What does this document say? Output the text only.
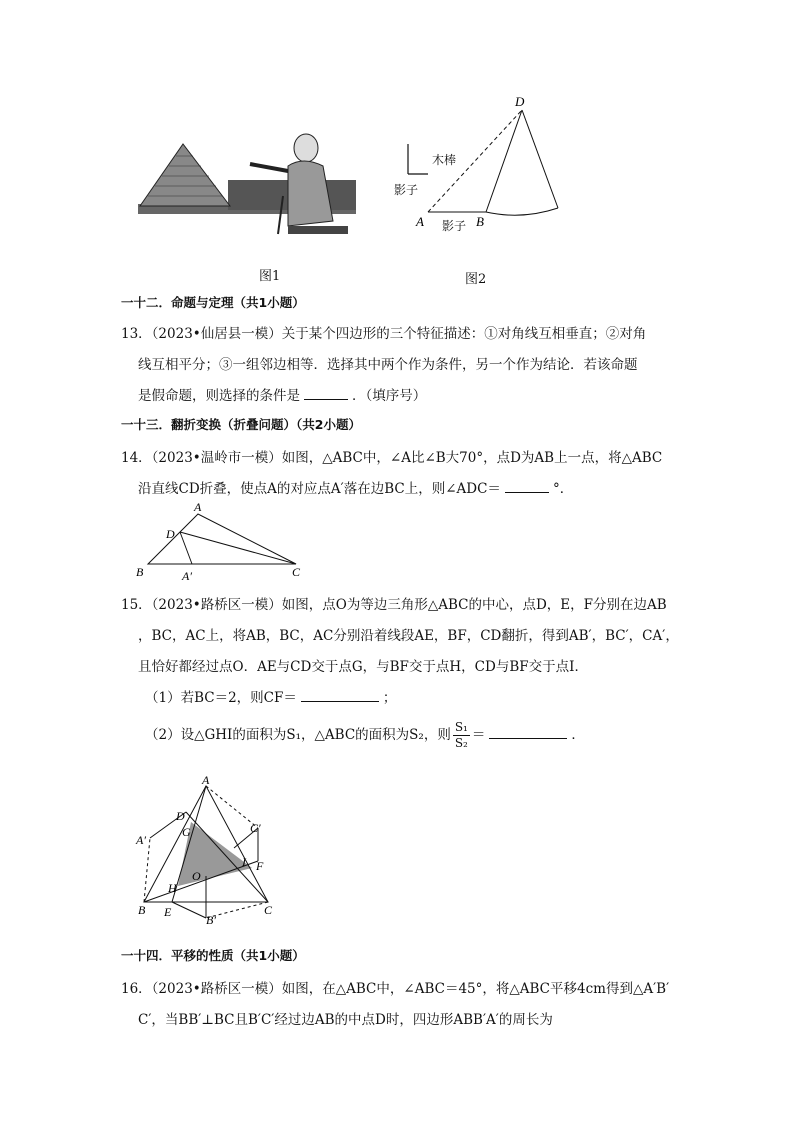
图1
D
A	B
木棒
影子
影子
图2
一十二．命题与定理（共1小题）
13．（2023•仙居县一模）关于某个四边形的三个特征描述：①对角线互相垂直；②对角
线互相平分；③一组邻边相等．选择其中两个作为条件，另一个作为结论．若该命题
是假命题，则选择的条件是	．（填序号）
一十三．翻折变换（折叠问题）（共2小题）
14．（2023•温岭市一模）如图，△ABC中，∠A比∠B大70°，点D为AB上一点，将△ABC
沿直线CD折叠，使点A的对应点A′落在边BC上，则∠ADC＝	°．
A
D
B	A′	C
15．（2023•路桥区一模）如图，点O为等边三角形△ABC的中心，点D，E，F分别在边AB
，BC，AC上，将AB，BC，AC分别沿着线段AE，BF，CD翻折，得到AB′，BC′，CA′，
且恰好都经过点O．AE与CD交于点G，与BF交于点H，CD与BF交于点I．
（1）若BC＝2，则CF＝	；
（2）设△GHI的面积为S₁，△ABC的面积为S₂，则 $\frac{\text{S₁}}{\text{S₂}}$ ＝	．
A
D
G
A′
C′
I F
O
H
B E	C
B′
一十四．平移的性质（共1小题）
16．（2023•路桥区一模）如图，在△ABC中，∠ABC＝45°，将△ABC平移4cm得到△A′B′
C′，当BB′⊥BC且B′C′经过边AB的中点D时，四边形ABB′A′的周长为
